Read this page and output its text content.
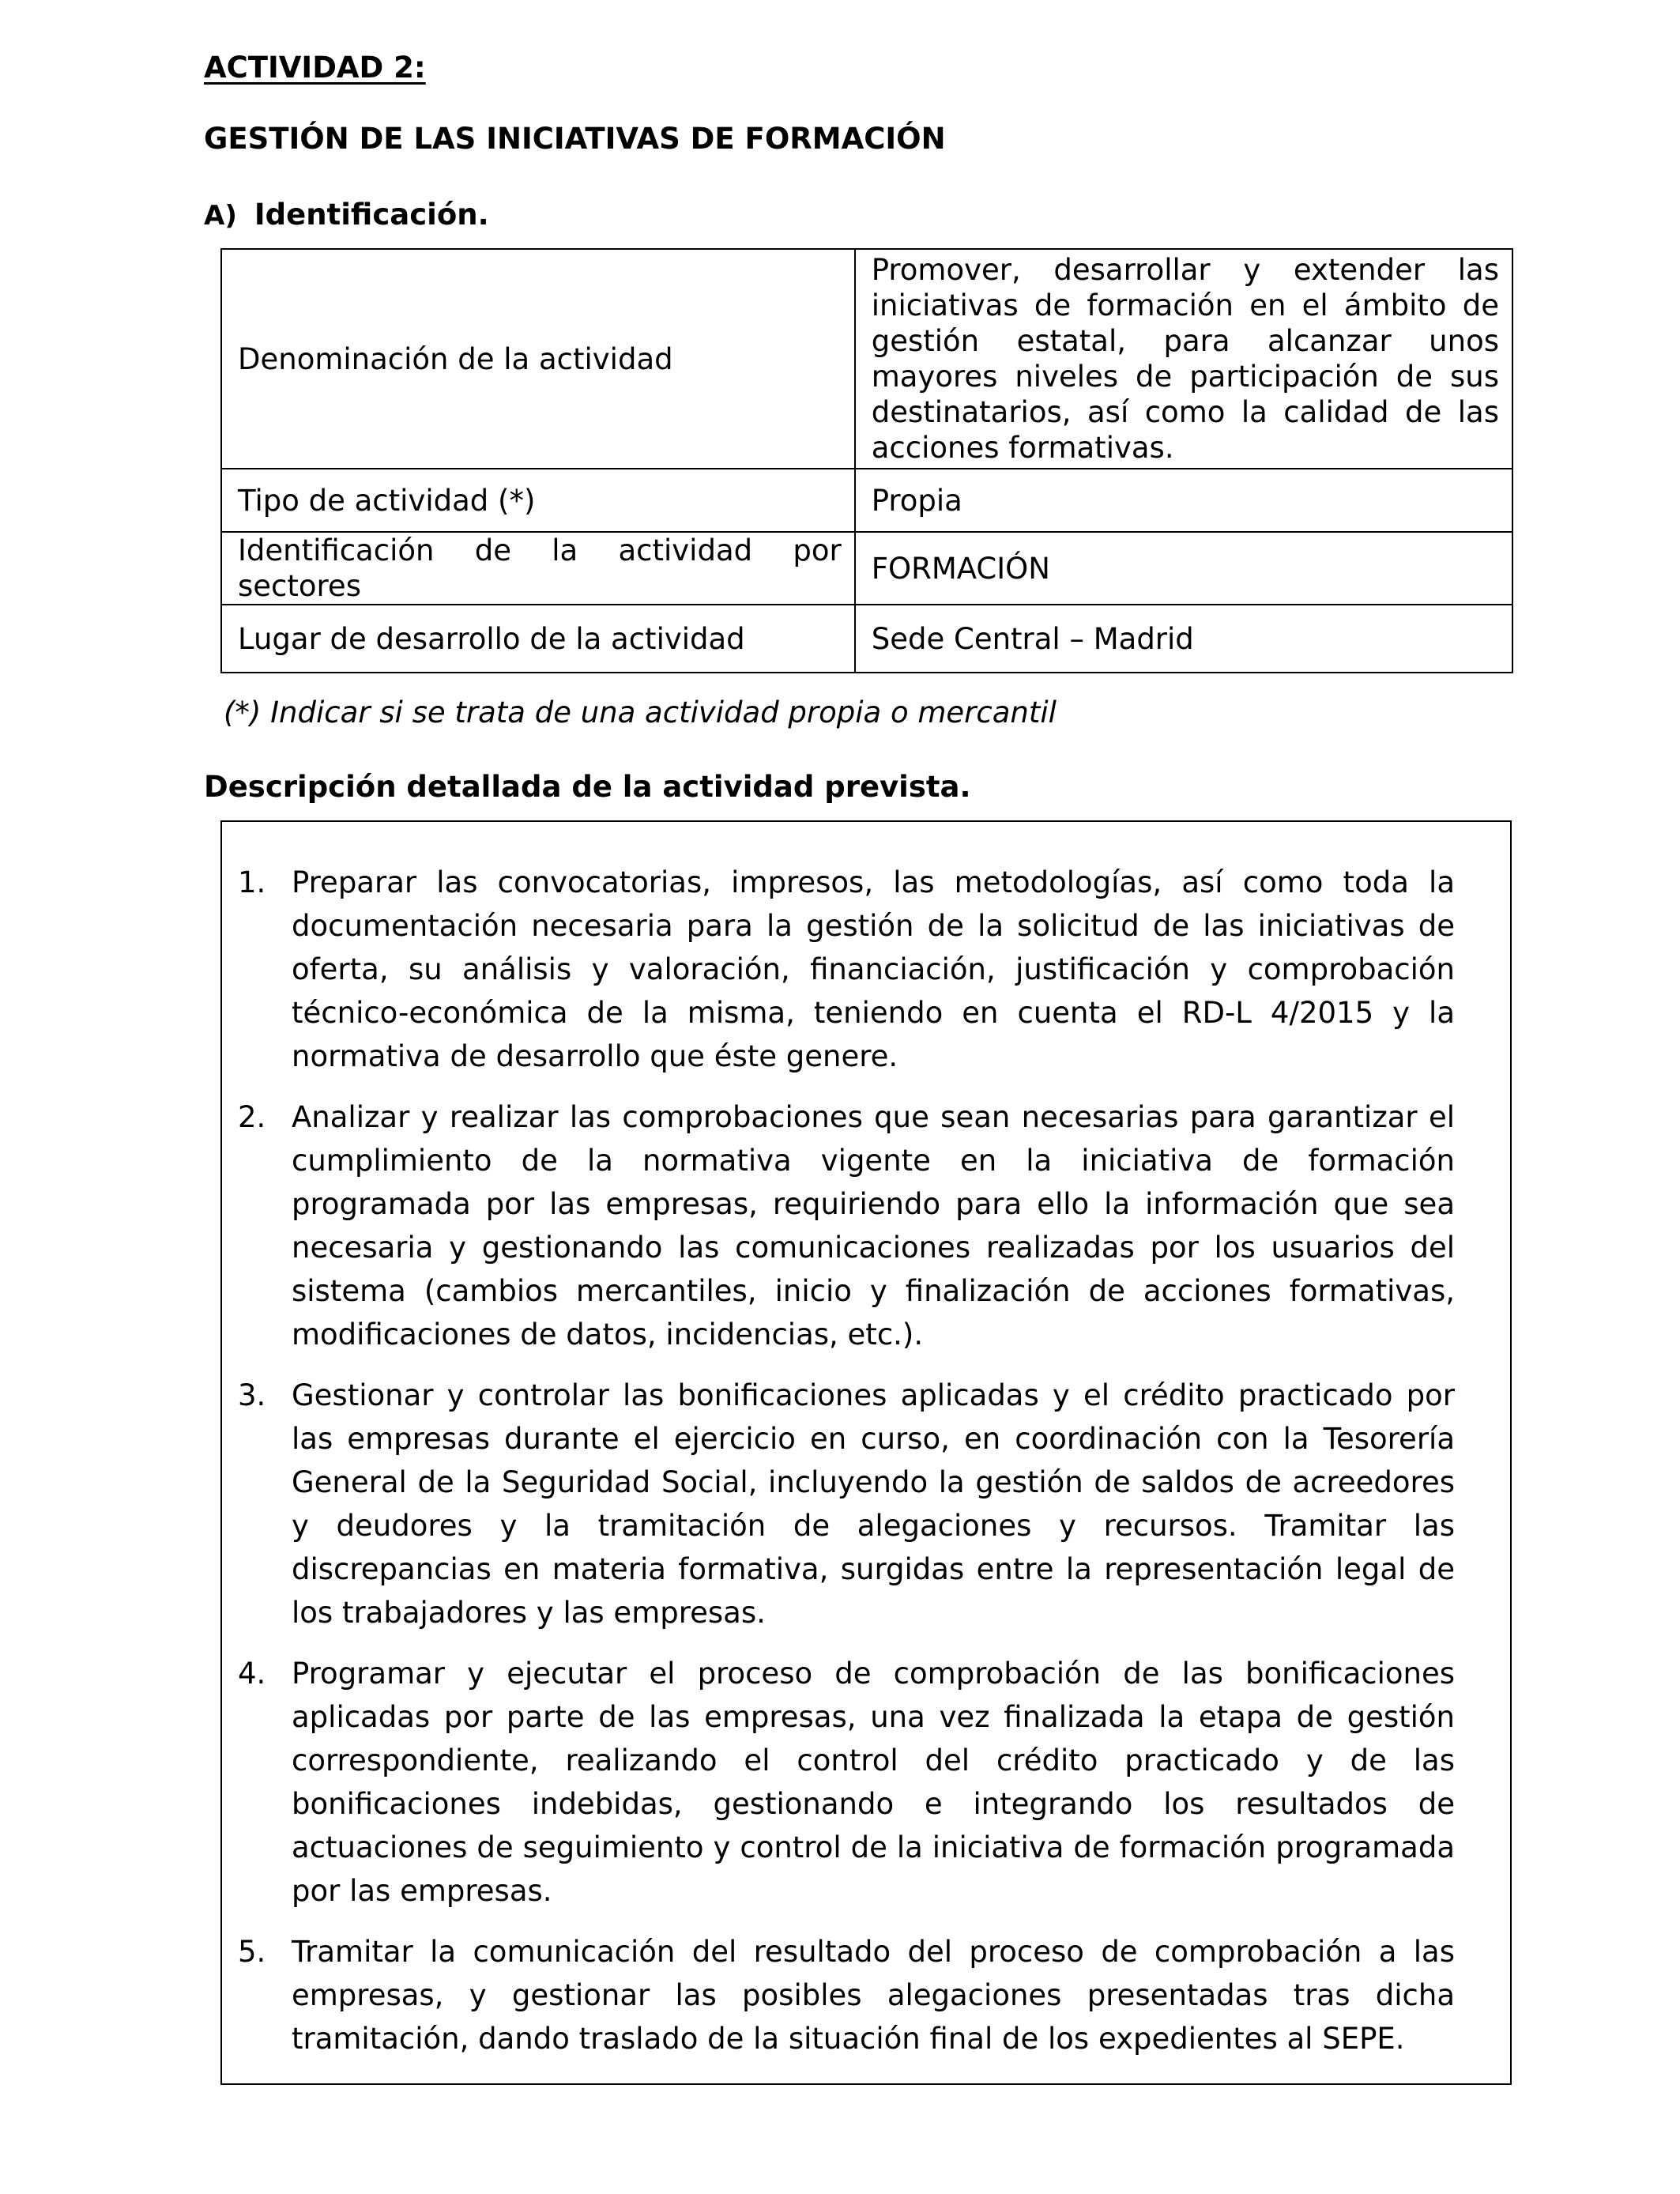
ACTIVIDAD 2:
GESTIÓN DE LAS INICIATIVAS DE FORMACIÓN
A) Identificación.
Denominación de la actividad	Promover, desarrollar y extender las iniciativas de formación en el ámbito de gestión estatal, para alcanzar unos mayores niveles de participación de sus destinatarios, así como la calidad de las acciones formativas.
Tipo de actividad (*)	Propia
Identificación de la actividad por sectores	FORMACIÓN
Lugar de desarrollo de la actividad	Sede Central – Madrid

(*) Indicar si se trata de una actividad propia o mercantil

Descripción detallada de la actividad prevista.
1. Preparar las convocatorias, impresos, las metodologías, así como toda la documentación necesaria para la gestión de la solicitud de las iniciativas de oferta, su análisis y valoración, financiación, justificación y comprobación técnico-económica de la misma, teniendo en cuenta el RD-L 4/2015 y la normativa de desarrollo que éste genere.
2. Analizar y realizar las comprobaciones que sean necesarias para garantizar el cumplimiento de la normativa vigente en la iniciativa de formación programada por las empresas, requiriendo para ello la información que sea necesaria y gestionando las comunicaciones realizadas por los usuarios del sistema (cambios mercantiles, inicio y finalización de acciones formativas, modificaciones de datos, incidencias, etc.).
3. Gestionar y controlar las bonificaciones aplicadas y el crédito practicado por las empresas durante el ejercicio en curso, en coordinación con la Tesorería General de la Seguridad Social, incluyendo la gestión de saldos de acreedores y deudores y la tramitación de alegaciones y recursos. Tramitar las discrepancias en materia formativa, surgidas entre la representación legal de los trabajadores y las empresas.
4. Programar y ejecutar el proceso de comprobación de las bonificaciones aplicadas por parte de las empresas, una vez finalizada la etapa de gestión correspondiente, realizando el control del crédito practicado y de las bonificaciones indebidas, gestionando e integrando los resultados de actuaciones de seguimiento y control de la iniciativa de formación programada por las empresas.
5. Tramitar la comunicación del resultado del proceso de comprobación a las empresas, y gestionar las posibles alegaciones presentadas tras dicha tramitación, dando traslado de la situación final de los expedientes al SEPE.
